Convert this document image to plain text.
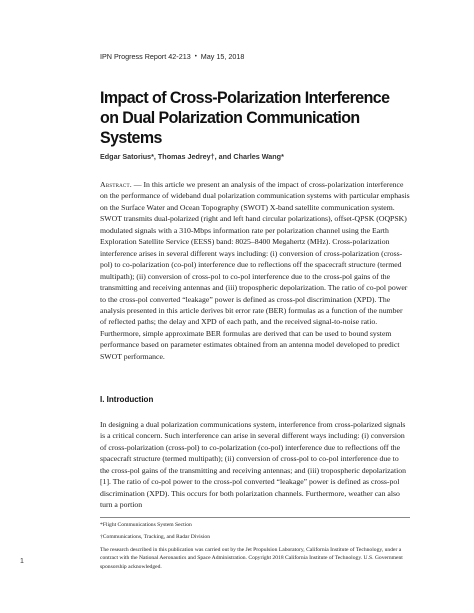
IPN Progress Report 42-213 • May 15, 2018
Impact of Cross-Polarization Interference on Dual Polarization Communication Systems
Edgar Satorius*, Thomas Jedrey†, and Charles Wang*

Abstract. — In this article we present an analysis of the impact of cross-polarization interference on the performance of wideband dual polarization communication systems with particular emphasis on the Surface Water and Ocean Topography (SWOT) X-band satellite communication system. SWOT transmits dual-polarized (right and left hand circular polarizations), offset-QPSK (OQPSK) modulated signals with a 310-Mbps information rate per polarization channel using the Earth Exploration Satellite Service (EESS) band: 8025–8400 Megahertz (MHz). Cross-polarization interference arises in several different ways including: (i) conversion of cross-polarization (cross-pol) to co-polarization (co-pol) interference due to reflections off the spacecraft structure (termed multipath); (ii) conversion of cross-pol to co-pol interference due to the cross-pol gains of the transmitting and receiving antennas and (iii) tropospheric depolarization. The ratio of co-pol power to the cross-pol converted “leakage” power is defined as cross-pol discrimination (XPD). The analysis presented in this article derives bit error rate (BER) formulas as a function of the number of reflected paths; the delay and XPD of each path, and the received signal-to-noise ratio. Furthermore, simple approximate BER formulas are derived that can be used to bound system performance based on parameter estimates obtained from an antenna model developed to predict SWOT performance.

I. Introduction

In designing a dual polarization communications system, interference from cross-polarized signals is a critical concern. Such interference can arise in several different ways including: (i) conversion of cross-polarization (cross-pol) to co-polarization (co-pol) interference due to reflections off the spacecraft structure (termed multipath); (ii) conversion of cross-pol to co-pol interference due to the cross-pol gains of the transmitting and receiving antennas; and (iii) tropospheric depolarization [1]. The ratio of co-pol power to the cross-pol converted “leakage” power is defined as cross-pol discrimination (XPD). This occurs for both polarization channels. Furthermore, weather can also turn a portion

*Flight Communications System Section

†Communications, Tracking, and Radar Division

The research described in this publication was carried out by the Jet Propulsion Laboratory, California Institute of Technology, under a contract with the National Aeronautics and Space Administration. Copyright 2018 California Institute of Technology. U.S. Government sponsorship acknowledged.

1
